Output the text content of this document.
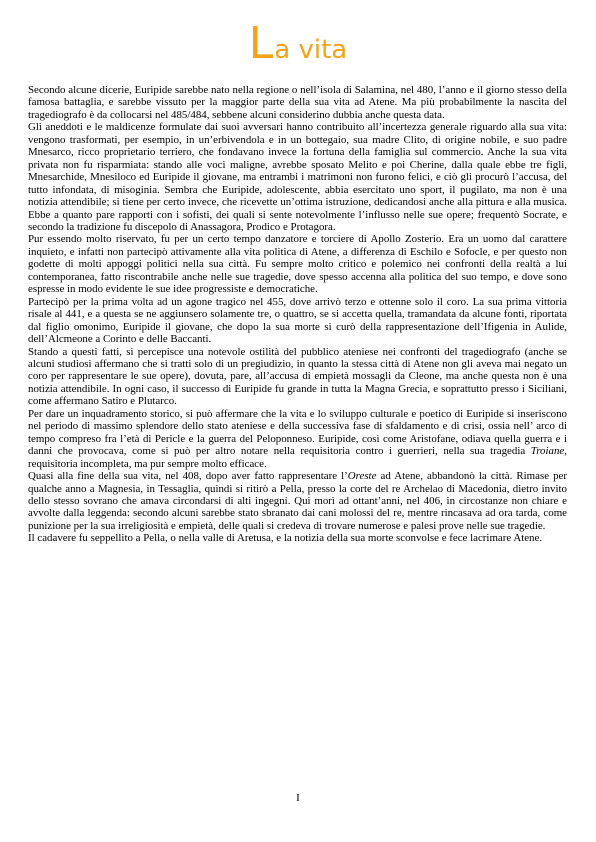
La vita

Secondo alcune dicerie, Euripide sarebbe nato nella regione o nell’isola di Salamina, nel 480, l’anno e il giorno stesso della famosa battaglia, e sarebbe vissuto per la maggior parte della sua vita ad Atene. Ma più probabilmente la nascita del tragediografo è da collocarsi nel 485/484, sebbene alcuni considerino dubbia anche questa data.

Gli aneddoti e le maldicenze formulate dai suoi avversari hanno contribuito all’incertezza generale riguardo alla sua vita: vengono trasformati, per esempio, in un’erbivendola e in un bottegaio, sua madre Clito, di origine nobile, e suo padre Mnesarco, ricco proprietario terriero, che fondavano invece la fortuna della famiglia sul commercio. Anche la sua vita privata non fu risparmiata: stando alle voci maligne, avrebbe sposato Melito e poi Cherine, dalla quale ebbe tre figli, Mnesarchide, Mnesiloco ed Euripide il giovane, ma entrambi i matrimoni non furono felici, e ciò gli procurò l’accusa, del tutto infondata, di misoginia. Sembra che Euripide, adolescente, abbia esercitato uno sport, il pugilato, ma non è una notizia attendibile; si tiene per certo invece, che ricevette un’ottima istruzione, dedicandosi anche alla pittura e alla musica. Ebbe a quanto pare rapporti con i sofisti, dei quali si sente notevolmente l’influsso nelle sue opere; frequentò Socrate, e secondo la tradizione fu discepolo di Anassagora, Prodico e Protagora.

Pur essendo molto riservato, fu per un certo tempo danzatore e torciere di Apollo Zosterio. Era un uomo dal carattere inquieto, e infatti non partecipò attivamente alla vita politica di Atene, a differenza di Eschilo e Sofocle, e per questo non godette di molti appoggi politici nella sua città. Fu sempre molto critico e polemico nei confronti della realtà a lui contemporanea, fatto riscontrabile anche nelle sue tragedie, dove spesso accenna alla politica del suo tempo, e dove sono espresse in modo evidente le sue idee progressiste e democratiche.

Partecipò per la prima volta ad un agone tragico nel 455, dove arrivò terzo e ottenne solo il coro. La sua prima vittoria risale al 441, e a questa se ne aggiunsero solamente tre, o quattro, se si accetta quella, tramandata da alcune fonti, riportata dal figlio omonimo, Euripide il giovane, che dopo la sua morte si curò della rappresentazione dell’Ifigenia in Aulide, dell’Alcmeone a Corinto e delle Baccanti.

Stando a questi fatti, si percepisce una notevole ostilità del pubblico ateniese nei confronti del tragediografo (anche se alcuni studiosi affermano che si tratti solo di un pregiudizio, in quanto la stessa città di Atene non gli aveva mai negato un coro per rappresentare le sue opere), dovuta, pare, all’accusa di empietà mossagli da Cleone, ma anche questa non è una notizia attendibile. In ogni caso, il successo di Euripide fu grande in tutta la Magna Grecia, e soprattutto presso i Siciliani, come affermano Satiro e Plutarco.

Per dare un inquadramento storico, si può affermare che la vita e lo sviluppo culturale e poetico di Euripide si inseriscono nel periodo di massimo splendore dello stato ateniese e della successiva fase di sfaldamento e di crisi, ossia nell’ arco di tempo compreso fra l’età di Pericle e la guerra del Peloponneso. Euripide, così come Aristofane, odiava quella guerra e i danni che provocava, come si può per altro notare nella requisitoria contro i guerrieri, nella sua tragedia Troiane, requisitoria incompleta, ma pur sempre molto efficace.

Quasi alla fine della sua vita, nel 408, dopo aver fatto rappresentare l’Oreste ad Atene, abbandonò la città. Rimase per qualche anno a Magnesia, in Tessaglia, quindi si ritirò a Pella, presso la corte del re Archelao di Macedonia, dietro invito dello stesso sovrano che amava circondarsi di alti ingegni. Qui morì ad ottant’anni, nel 406, in circostanze non chiare e avvolte dalla leggenda: secondo alcuni sarebbe stato sbranato dai cani molossi del re, mentre rincasava ad ora tarda, come punizione per la sua irreligiosità e empietà, delle quali si credeva di trovare numerose e palesi prove nelle sue tragedie.

Il cadavere fu seppellito a Pella, o nella valle di Aretusa, e la notizia della sua morte sconvolse e fece lacrimare Atene.

I
